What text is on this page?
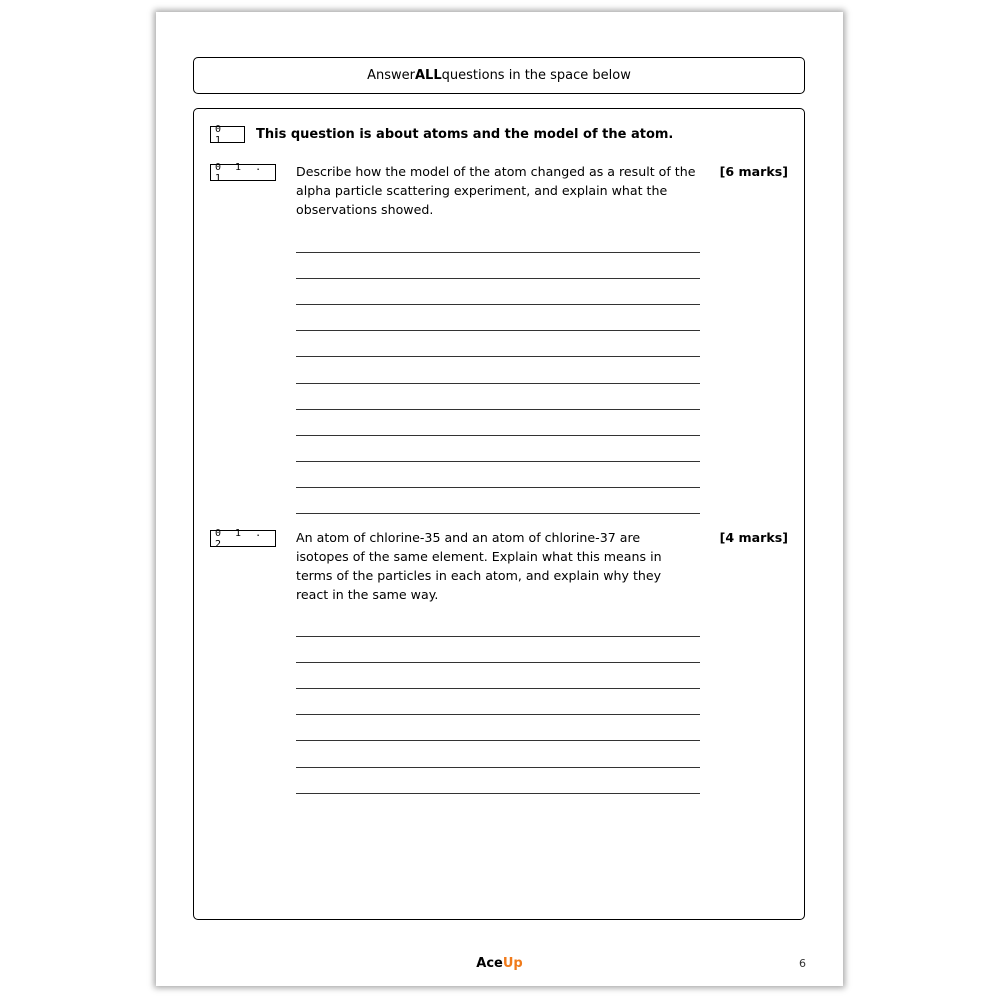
Answer ALL questions in the space below
0 1	This question is about atoms and the model of the atom.
0 1 . 1	Describe how the model of the atom changed as a result of the alpha particle scattering experiment, and explain what the observations showed.
[6 marks]
0 1 . 2	An atom of chlorine-35 and an atom of chlorine-37 are isotopes of the same element. Explain what this means in terms of the particles in each atom, and explain why they react in the same way.
[4 marks]
AceUp	6
